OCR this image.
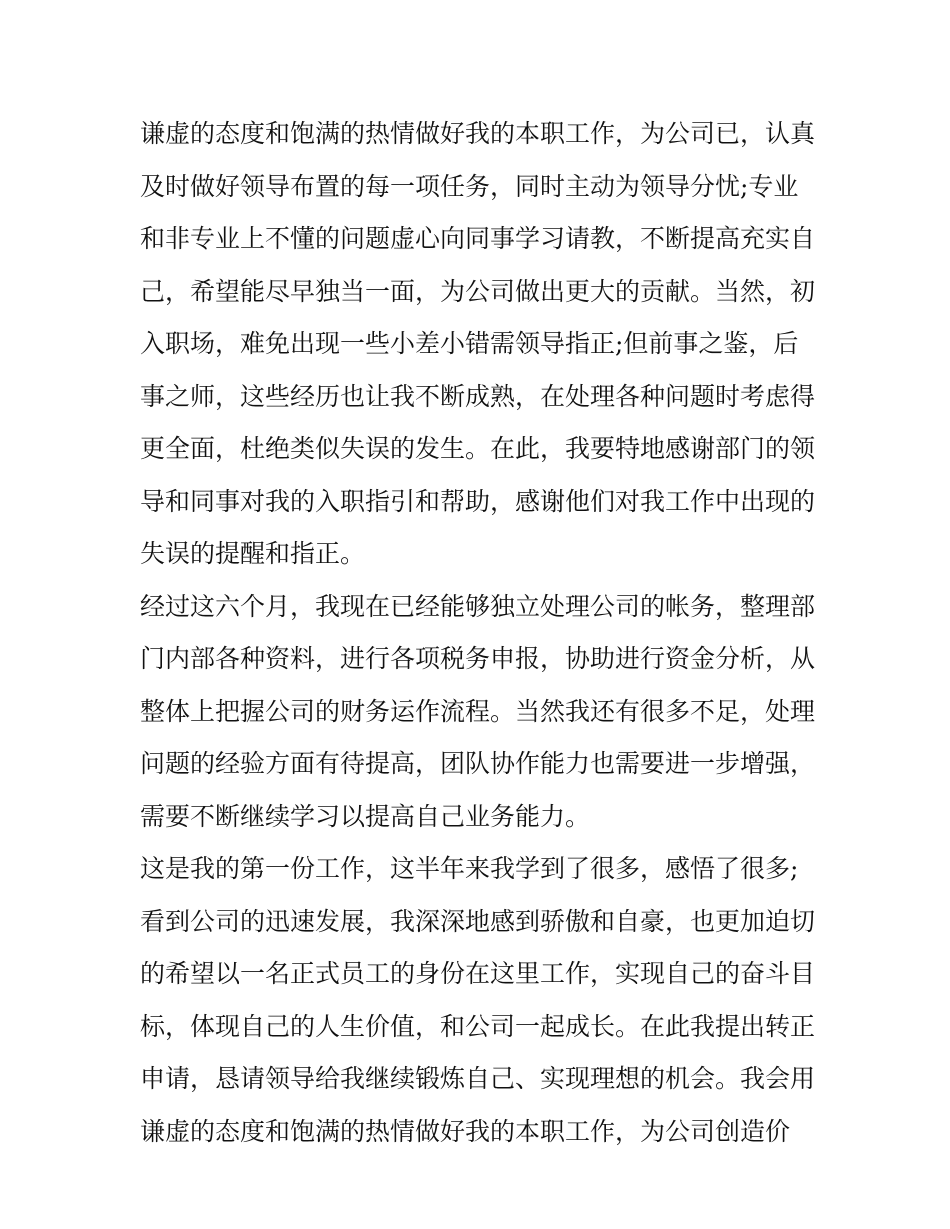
谦虚的态度和饱满的热情做好我的本职工作，为公司已，认真
及时做好领导布置的每一项任务，同时主动为领导分忧;专业
和非专业上不懂的问题虚心向同事学习请教，不断提高充实自
己，希望能尽早独当一面，为公司做出更大的贡献。当然，初
入职场，难免出现一些小差小错需领导指正;但前事之鉴，后
事之师，这些经历也让我不断成熟，在处理各种问题时考虑得
更全面，杜绝类似失误的发生。在此，我要特地感谢部门的领
导和同事对我的入职指引和帮助，感谢他们对我工作中出现的
失误的提醒和指正。
经过这六个月，我现在已经能够独立处理公司的帐务，整理部
门内部各种资料，进行各项税务申报，协助进行资金分析，从
整体上把握公司的财务运作流程。当然我还有很多不足，处理
问题的经验方面有待提高，团队协作能力也需要进一步增强，
需要不断继续学习以提高自己业务能力。
这是我的第一份工作，这半年来我学到了很多，感悟了很多;
看到公司的迅速发展，我深深地感到骄傲和自豪，也更加迫切
的希望以一名正式员工的身份在这里工作，实现自己的奋斗目
标，体现自己的人生价值，和公司一起成长。在此我提出转正
申请，恳请领导给我继续锻炼自己、实现理想的机会。我会用
谦虚的态度和饱满的热情做好我的本职工作，为公司创造价
